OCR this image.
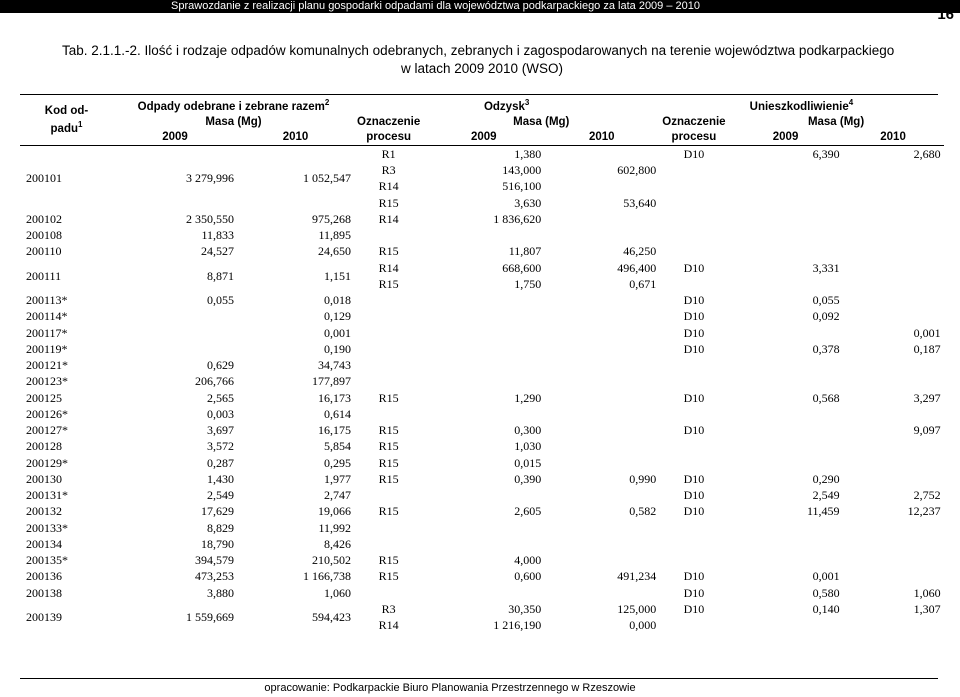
Sprawozdanie z realizacji planu gospodarki odpadami dla województwa podkarpackiego za lata 2009 – 2010	16
Tab. 2.1.1.-2. Ilość i rodzaje odpadów komunalnych odebranych, zebranych i zagospodarowanych na terenie województwa podkarpackiego
w latach 2009 2010 (WSO)
Kod od-
padu$^1$	Odpady odebrane i zebrane razem$^2$		Odzysk$^3$			Unieszkodliwienie$^4$
	Masa (Mg)		Oznaczenie	Masa (Mg)		Oznaczenie	Masa (Mg)	
	2009	2010	procesu	2009	2010	procesu	2009	2010
200101	3 279,996	1 052,547	R1	1,380		D10	6,390	2,680
			R3	143,000	602,800			
			R14	516,100				
			R15	3,630	53,640			
200102	2 350,550	975,268	R14	1 836,620				
200108	11,833	11,895						
200110	24,527	24,650	R15	11,807	46,250			
200111	8,871	1,151	R14	668,600	496,400	D10	3,331	
			R15	1,750	0,671			
200113*	0,055	0,018				D10	0,055	
200114*		0,129				D10	0,092	
200117*		0,001				D10		0,001
200119*		0,190				D10	0,378	0,187
200121*	0,629	34,743						
200123*	206,766	177,897						
200125	2,565	16,173	R15	1,290		D10	0,568	3,297
200126*	0,003	0,614						
200127*	3,697	16,175	R15	0,300		D10		9,097
200128	3,572	5,854	R15	1,030				
200129*	0,287	0,295	R15	0,015				
200130	1,430	1,977	R15	0,390	0,990	D10	0,290	
200131*	2,549	2,747				D10	2,549	2,752
200132	17,629	19,066	R15	2,605	0,582	D10	11,459	12,237
200133*	8,829	11,992						
200134	18,790	8,426						
200135*	394,579	210,502	R15	4,000				
200136	473,253	1 166,738	R15	0,600	491,234	D10	0,001	
200138	3,880	1,060				D10	0,580	1,060
200139	1 559,669	594,423	R3	30,350	125,000	D10	0,140	1,307
			R14	1 216,190	0,000			
opracowanie: Podkarpackie Biuro Planowania Przestrzennego w Rzeszowie
